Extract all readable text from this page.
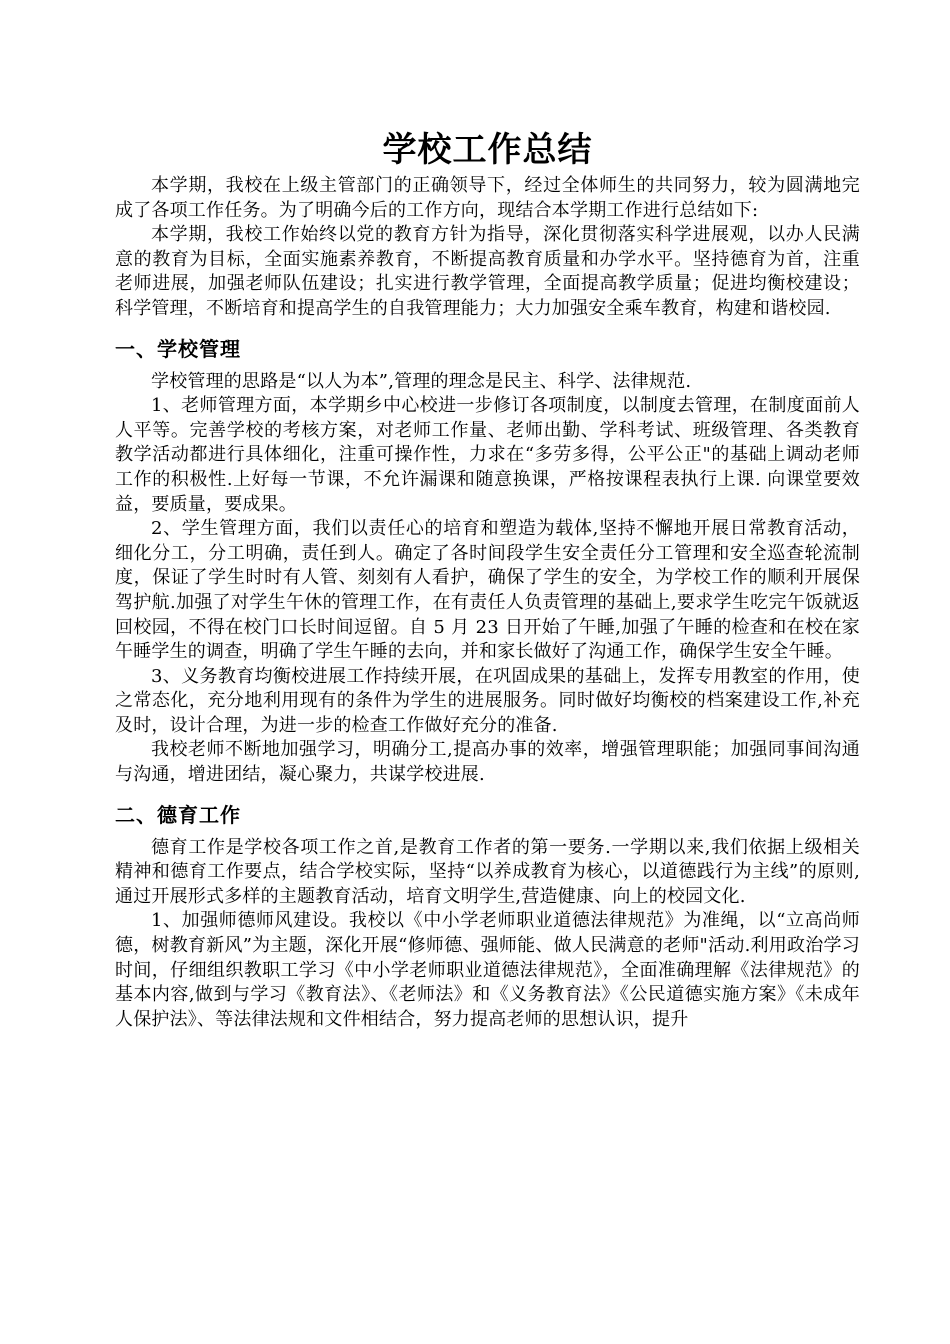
学校工作总结

本学期，我校在上级主管部门的正确领导下，经过全体师生的共同努力，较为圆满地完成了各项工作任务。为了明确今后的工作方向，现结合本学期工作进行总结如下:

本学期，我校工作始终以党的教育方针为指导，深化贯彻落实科学进展观，以办人民满意的教育为目标，全面实施素养教育，不断提高教育质量和办学水平。坚持德育为首，注重老师进展，加强老师队伍建设；扎实进行教学管理，全面提高教学质量；促进均衡校建设；科学管理，不断培育和提高学生的自我管理能力；大力加强安全乘车教育，构建和谐校园.

一、学校管理

学校管理的思路是“以人为本”,管理的理念是民主、科学、法律规范.

1、老师管理方面，本学期乡中心校进一步修订各项制度，以制度去管理，在制度面前人人平等。完善学校的考核方案，对老师工作量、老师出勤、学科考试、班级管理、各类教育教学活动都进行具体细化，注重可操作性，力求在“多劳多得，公平公正"的基础上调动老师工作的积极性.上好每一节课，不允许漏课和随意换课，严格按课程表执行上课. 向课堂要效益，要质量，要成果。

2、学生管理方面，我们以责任心的培育和塑造为载体,坚持不懈地开展日常教育活动，细化分工，分工明确，责任到人。确定了各时间段学生安全责任分工管理和安全巡查轮流制度，保证了学生时时有人管、刻刻有人看护，确保了学生的安全，为学校工作的顺利开展保驾护航.加强了对学生午休的管理工作，在有责任人负责管理的基础上,要求学生吃完午饭就返回校园，不得在校门口长时间逗留。自 5 月 23 日开始了午睡,加强了午睡的检查和在校在家午睡学生的调查，明确了学生午睡的去向，并和家长做好了沟通工作，确保学生安全午睡。

3、义务教育均衡校进展工作持续开展，在巩固成果的基础上，发挥专用教室的作用，使之常态化，充分地利用现有的条件为学生的进展服务。同时做好均衡校的档案建设工作,补充及时，设计合理，为进一步的检查工作做好充分的准备.

我校老师不断地加强学习，明确分工,提高办事的效率，增强管理职能；加强同事间沟通与沟通，增进团结，凝心聚力，共谋学校进展.

二、德育工作

德育工作是学校各项工作之首,是教育工作者的第一要务.一学期以来,我们依据上级相关精神和德育工作要点，结合学校实际，坚持“以养成教育为核心，以道德践行为主线”的原则,通过开展形式多样的主题教育活动，培育文明学生,营造健康、向上的校园文化.

1、加强师德师风建设。我校以《中小学老师职业道德法律规范》为准绳，以“立高尚师德，树教育新风”为主题，深化开展“修师德、强师能、做人民满意的老师"活动.利用政治学习时间，仔细组织教职工学习《中小学老师职业道德法律规范》，全面准确理解《法律规范》的基本内容,做到与学习《教育法》、《老师法》和《义务教育法》《公民道德实施方案》《未成年人保护法》、等法律法规和文件相结合，努力提高老师的思想认识，提升
